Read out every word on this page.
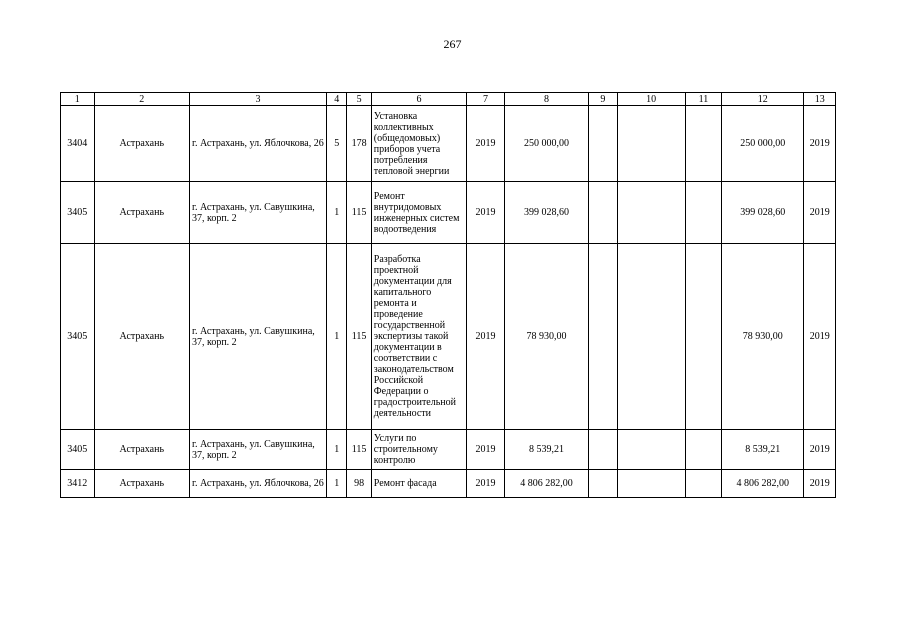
267
1	2	3	4	5	6	7	8	9	10	11	12	13
3404	Астрахань	г. Астрахань, ул. Яблочкова, 26	5	178	Установка коллективных (общедомовых) приборов учета потребления тепловой энергии	2019	250 000,00				250 000,00	2019
3405	Астрахань	г. Астрахань, ул. Савушкина, 37, корп. 2	1	115	Ремонт внутридомовых инженерных систем водоотведения	2019	399 028,60				399 028,60	2019
3405	Астрахань	г. Астрахань, ул. Савушкина, 37, корп. 2	1	115	Разработка проектной документации для капитального ремонта и проведение государственной экспертизы такой документации в соответствии с законодательством Российской Федерации о градостроительной деятельности	2019	78 930,00				78 930,00	2019
3405	Астрахань	г. Астрахань, ул. Савушкина, 37, корп. 2	1	115	Услуги по строительному контролю	2019	8 539,21				8 539,21	2019
3412	Астрахань	г. Астрахань, ул. Яблочкова, 26	1	98	Ремонт фасада	2019	4 806 282,00				4 806 282,00	2019
